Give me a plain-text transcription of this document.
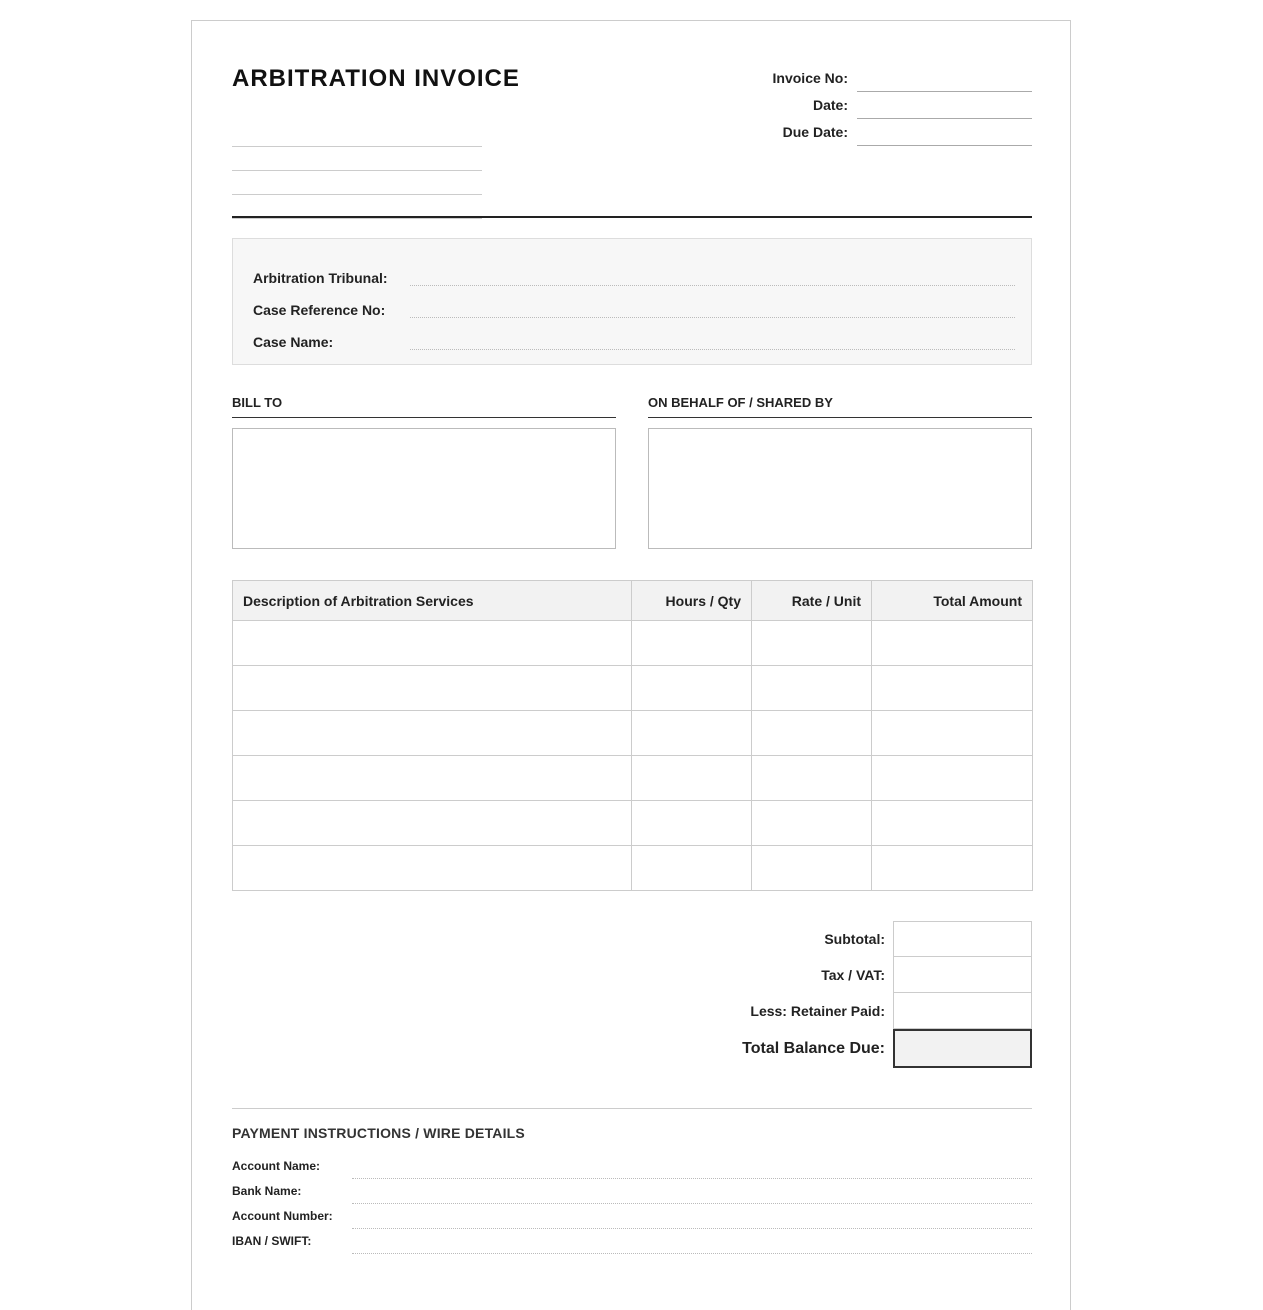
ARBITRATION INVOICE	Invoice No:
Date:
Due Date:
Arbitration Tribunal:
Case Reference No:
Case Name:
BILL TO	ON BEHALF OF / SHARED BY
Description of Arbitration Services	Hours / Qty	Rate / Unit	Total Amount

Subtotal:
Tax / VAT:
Less: Retainer Paid:
Total Balance Due:
PAYMENT INSTRUCTIONS / WIRE DETAILS
Account Name:
Bank Name:
Account Number:
IBAN / SWIFT:
